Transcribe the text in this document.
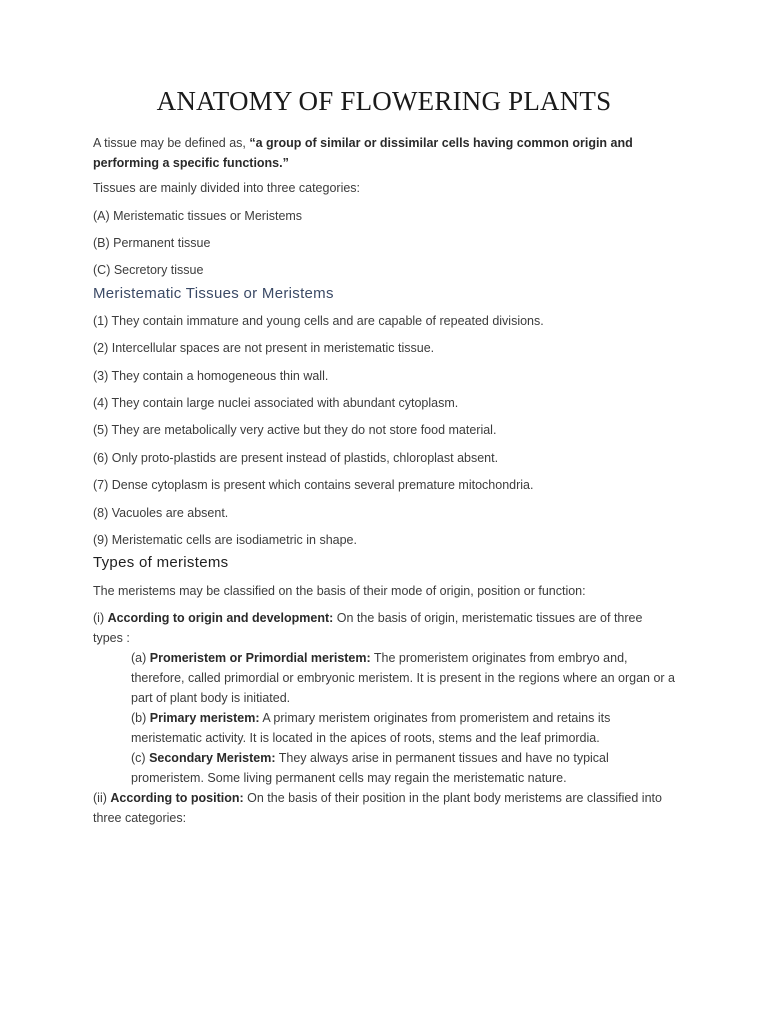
ANATOMY OF FLOWERING PLANTS
A tissue may be defined as, “a group of similar or dissimilar cells having common origin and performing a specific functions.”
Tissues are mainly divided into three categories:
(A) Meristematic tissues or Meristems
(B) Permanent tissue
(C) Secretory tissue
Meristematic Tissues or Meristems
(1) They contain immature and young cells and are capable of repeated divisions.
(2) Intercellular spaces are not present in meristematic tissue.
(3) They contain a homogeneous thin wall.
(4) They contain large nuclei associated with abundant cytoplasm.
(5) They are metabolically very active but they do not store food material.
(6) Only proto-plastids are present instead of plastids, chloroplast absent.
(7) Dense cytoplasm is present which contains several premature mitochondria.
(8) Vacuoles are absent.
(9) Meristematic cells are isodiametric in shape.
Types of meristems
The meristems may be classified on the basis of their mode of origin, position or function:
(i) According to origin and development: On the basis of origin, meristematic tissues are of three types :
(a) Promeristem or Primordial meristem: The promeristem originates from embryo and, therefore, called primordial or embryonic meristem. It is present in the regions where an organ or a part of plant body is initiated.
(b) Primary meristem: A primary meristem originates from promeristem and retains its meristematic activity. It is located in the apices of roots, stems and the leaf primordia.
(c) Secondary Meristem: They always arise in permanent tissues and have no typical promeristem. Some living permanent cells may regain the meristematic nature.
(ii) According to position: On the basis of their position in the plant body meristems are classified into three categories:
